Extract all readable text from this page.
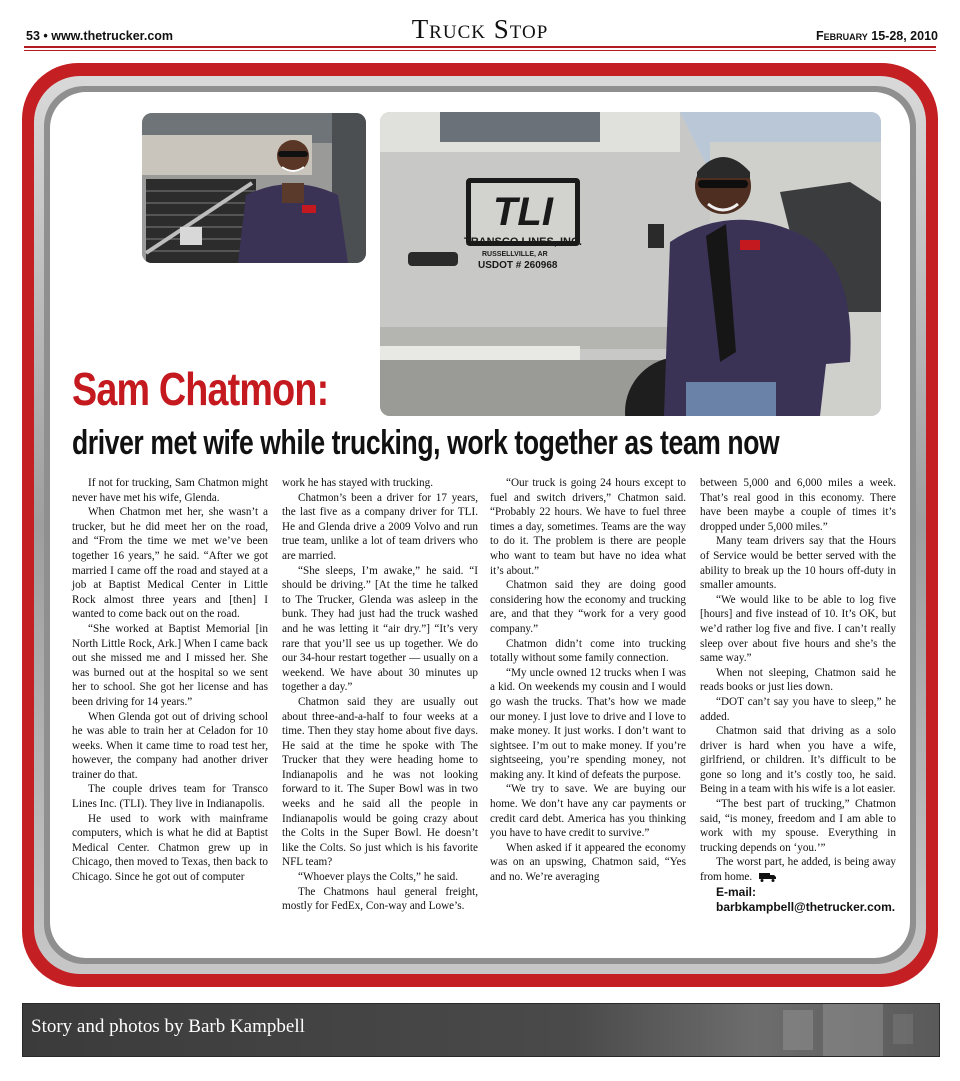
53 • www.thetrucker.com	Truck Stop	February 15-28, 2010
TLI
TRANSCO LINES, INC.
RUSSELLVILLE, AR
USDOT # 260968
Sam Chatmon:
driver met wife while trucking, work together as team now

If not for trucking, Sam Chatmon might never have met his wife, Glenda.

When Chatmon met her, she wasn’t a trucker, but he did meet her on the road, and “From the time we met we’ve been together 16 years,” he said. “After we got married I came off the road and stayed at a job at Baptist Medical Center in Little Rock almost three years and [then] I wanted to come back out on the road.

“She worked at Baptist Memorial [in North Little Rock, Ark.] When I came back out she missed me and I missed her. She was burned out at the hospital so we sent her to school. She got her license and has been driving for 14 years.”

When Glenda got out of driving school he was able to train her at Celadon for 10 weeks. When it came time to road test her, however, the company had another driver trainer do that.

The couple drives team for Transco Lines Inc. (TLI). They live in Indianapolis.

He used to work with mainframe computers, which is what he did at Baptist Medical Center. Chatmon grew up in Chicago, then moved to Texas, then back to Chicago. Since he got out of computer

work he has stayed with trucking.

Chatmon’s been a driver for 17 years, the last five as a company driver for TLI. He and Glenda drive a 2009 Volvo and run true team, unlike a lot of team drivers who are married.

“She sleeps, I’m awake,” he said. “I should be driving.” [At the time he talked to The Trucker, Glenda was asleep in the bunk. They had just had the truck washed and he was letting it “air dry.”] “It’s very rare that you’ll see us up together. We do our 34-hour restart together — usually on a weekend. We have about 30 minutes up together a day.”

Chatmon said they are usually out about three-and-a-half to four weeks at a time. Then they stay home about five days. He said at the time he spoke with The Trucker that they were heading home to Indianapolis and he was not looking forward to it. The Super Bowl was in two weeks and he said all the people in Indianapolis would be going crazy about the Colts in the Super Bowl. He doesn’t like the Colts. So just which is his favorite NFL team?

“Whoever plays the Colts,” he said.

The Chatmons haul general freight, mostly for FedEx, Con-way and Lowe’s.

“Our truck is going 24 hours except to fuel and switch drivers,” Chatmon said. “Probably 22 hours. We have to fuel three times a day, sometimes. Teams are the way to do it. The problem is there are people who want to team but have no idea what it’s about.”

Chatmon said they are doing good considering how the economy and trucking are, and that they “work for a very good company.”

Chatmon didn’t come into trucking totally without some family connection.

“My uncle owned 12 trucks when I was a kid. On weekends my cousin and I would go wash the trucks. That’s how we made our money. I just love to drive and I love to make money. It just works. I don’t want to sightsee. I’m out to make money. If you’re sightseeing, you’re spending money, not making any. It kind of defeats the purpose.

“We try to save. We are buying our home. We don’t have any car payments or credit card debt. America has you thinking you have to have credit to survive.”

When asked if it appeared the economy was on an upswing, Chatmon said, “Yes and no. We’re averaging

between 5,000 and 6,000 miles a week. That’s real good in this economy. There have been maybe a couple of times it’s dropped under 5,000 miles.”

Many team drivers say that the Hours of Service would be better served with the ability to break up the 10 hours off-duty in smaller amounts.

“We would like to be able to log five [hours] and five instead of 10. It’s OK, but we’d rather log five and five. I can’t really sleep over about five hours and she’s the same way.”

When not sleeping, Chatmon said he reads books or just lies down.

“DOT can’t say you have to sleep,” he added.

Chatmon said that driving as a solo driver is hard when you have a wife, girlfriend, or children. It’s difficult to be gone so long and it’s costly too, he said. Being in a team with his wife is a lot easier.

“The best part of trucking,” Chatmon said, “is money, freedom and I am able to work with my spouse. Everything in trucking depends on ‘you.’”

The worst part, he added, is being away from home.

E-mail: barbkampbell@thetrucker.com.
Story and photos by Barb Kampbell
